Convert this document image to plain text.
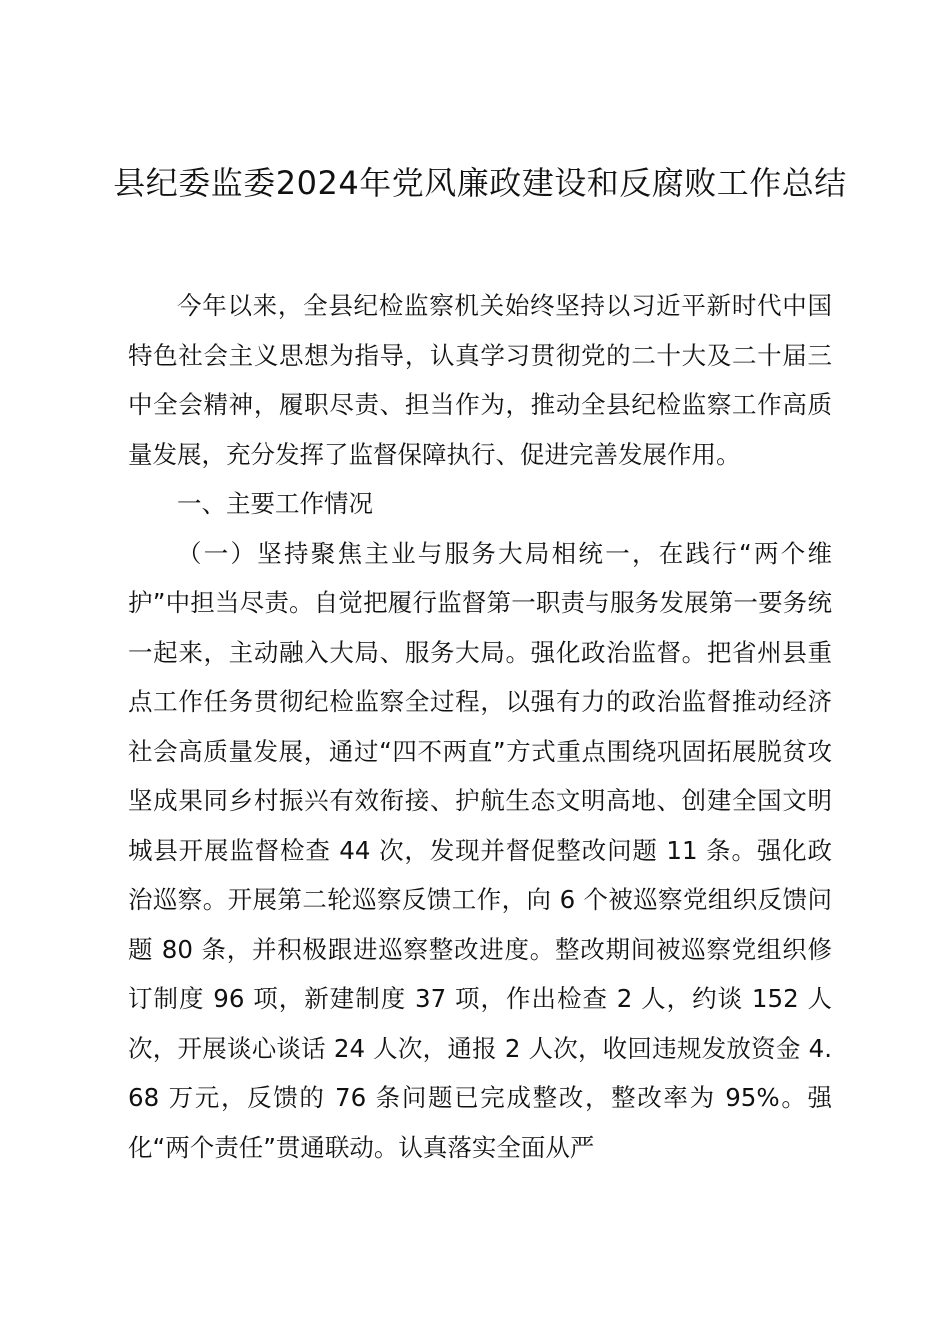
县纪委监委2024年党风廉政建设和反腐败工作总结

今年以来，全县纪检监察机关始终坚持以习近平新时代中国特色社会主义思想为指导，认真学习贯彻党的二十大及二十届三中全会精神，履职尽责、担当作为，推动全县纪检监察工作高质量发展，充分发挥了监督保障执行、促进完善发展作用。

一、主要工作情况

（一）坚持聚焦主业与服务大局相统一，在践行“两个维护”中担当尽责。自觉把履行监督第一职责与服务发展第一要务统一起来，主动融入大局、服务大局。强化政治监督。把省州县重点工作任务贯彻纪检监察全过程，以强有力的政治监督推动经济社会高质量发展，通过“四不两直”方式重点围绕巩固拓展脱贫攻坚成果同乡村振兴有效衔接、护航生态文明高地、创建全国文明城县开展监督检查 44 次，发现并督促整改问题 11 条。强化政治巡察。开展第二轮巡察反馈工作，向 6 个被巡察党组织反馈问题 80 条，并积极跟进巡察整改进度。整改期间被巡察党组织修订制度 96 项，新建制度 37 项，作出检查 2 人，约谈 152 人次，开展谈心谈话 24 人次，通报 2 人次，收回违规发放资金 4.68 万元，反馈的 76 条问题已完成整改，整改率为 95%。强化“两个责任”贯通联动。认真落实全面从严
